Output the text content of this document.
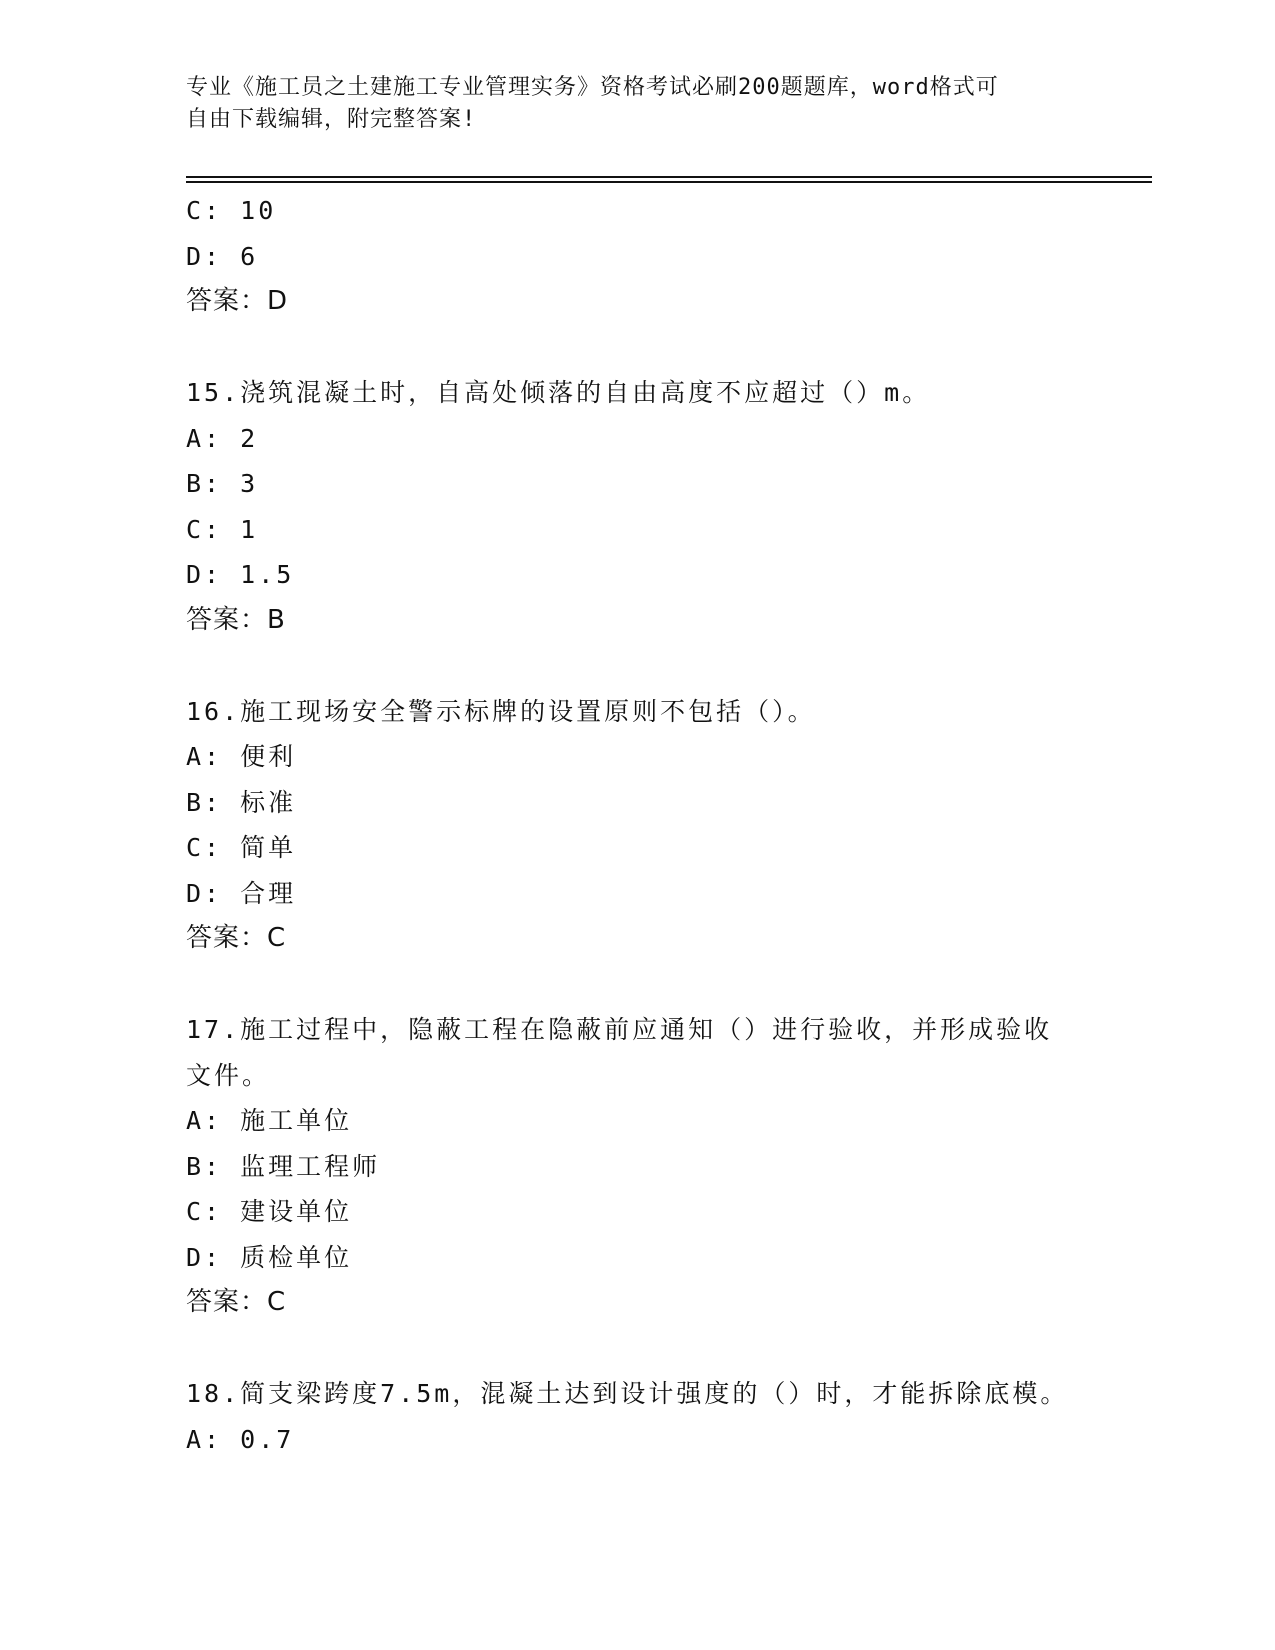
专业《施工员之土建施工专业管理实务》资格考试必刷200题题库，word格式可
自由下载编辑，附完整答案!
C: 10
D: 6
答案：D
15.浇筑混凝土时，自高处倾落的自由高度不应超过（）m。
A: 2
B: 3
C: 1
D: 1.5
答案：B
16.施工现场安全警示标牌的设置原则不包括（）。
A: 便利
B: 标准
C: 简单
D: 合理
答案：C
17.施工过程中，隐蔽工程在隐蔽前应通知（）进行验收，并形成验收
文件。
A: 施工单位
B: 监理工程师
C: 建设单位
D: 质检单位
答案：C
18.简支梁跨度7.5m，混凝土达到设计强度的（）时，才能拆除底模。
A: 0.7
